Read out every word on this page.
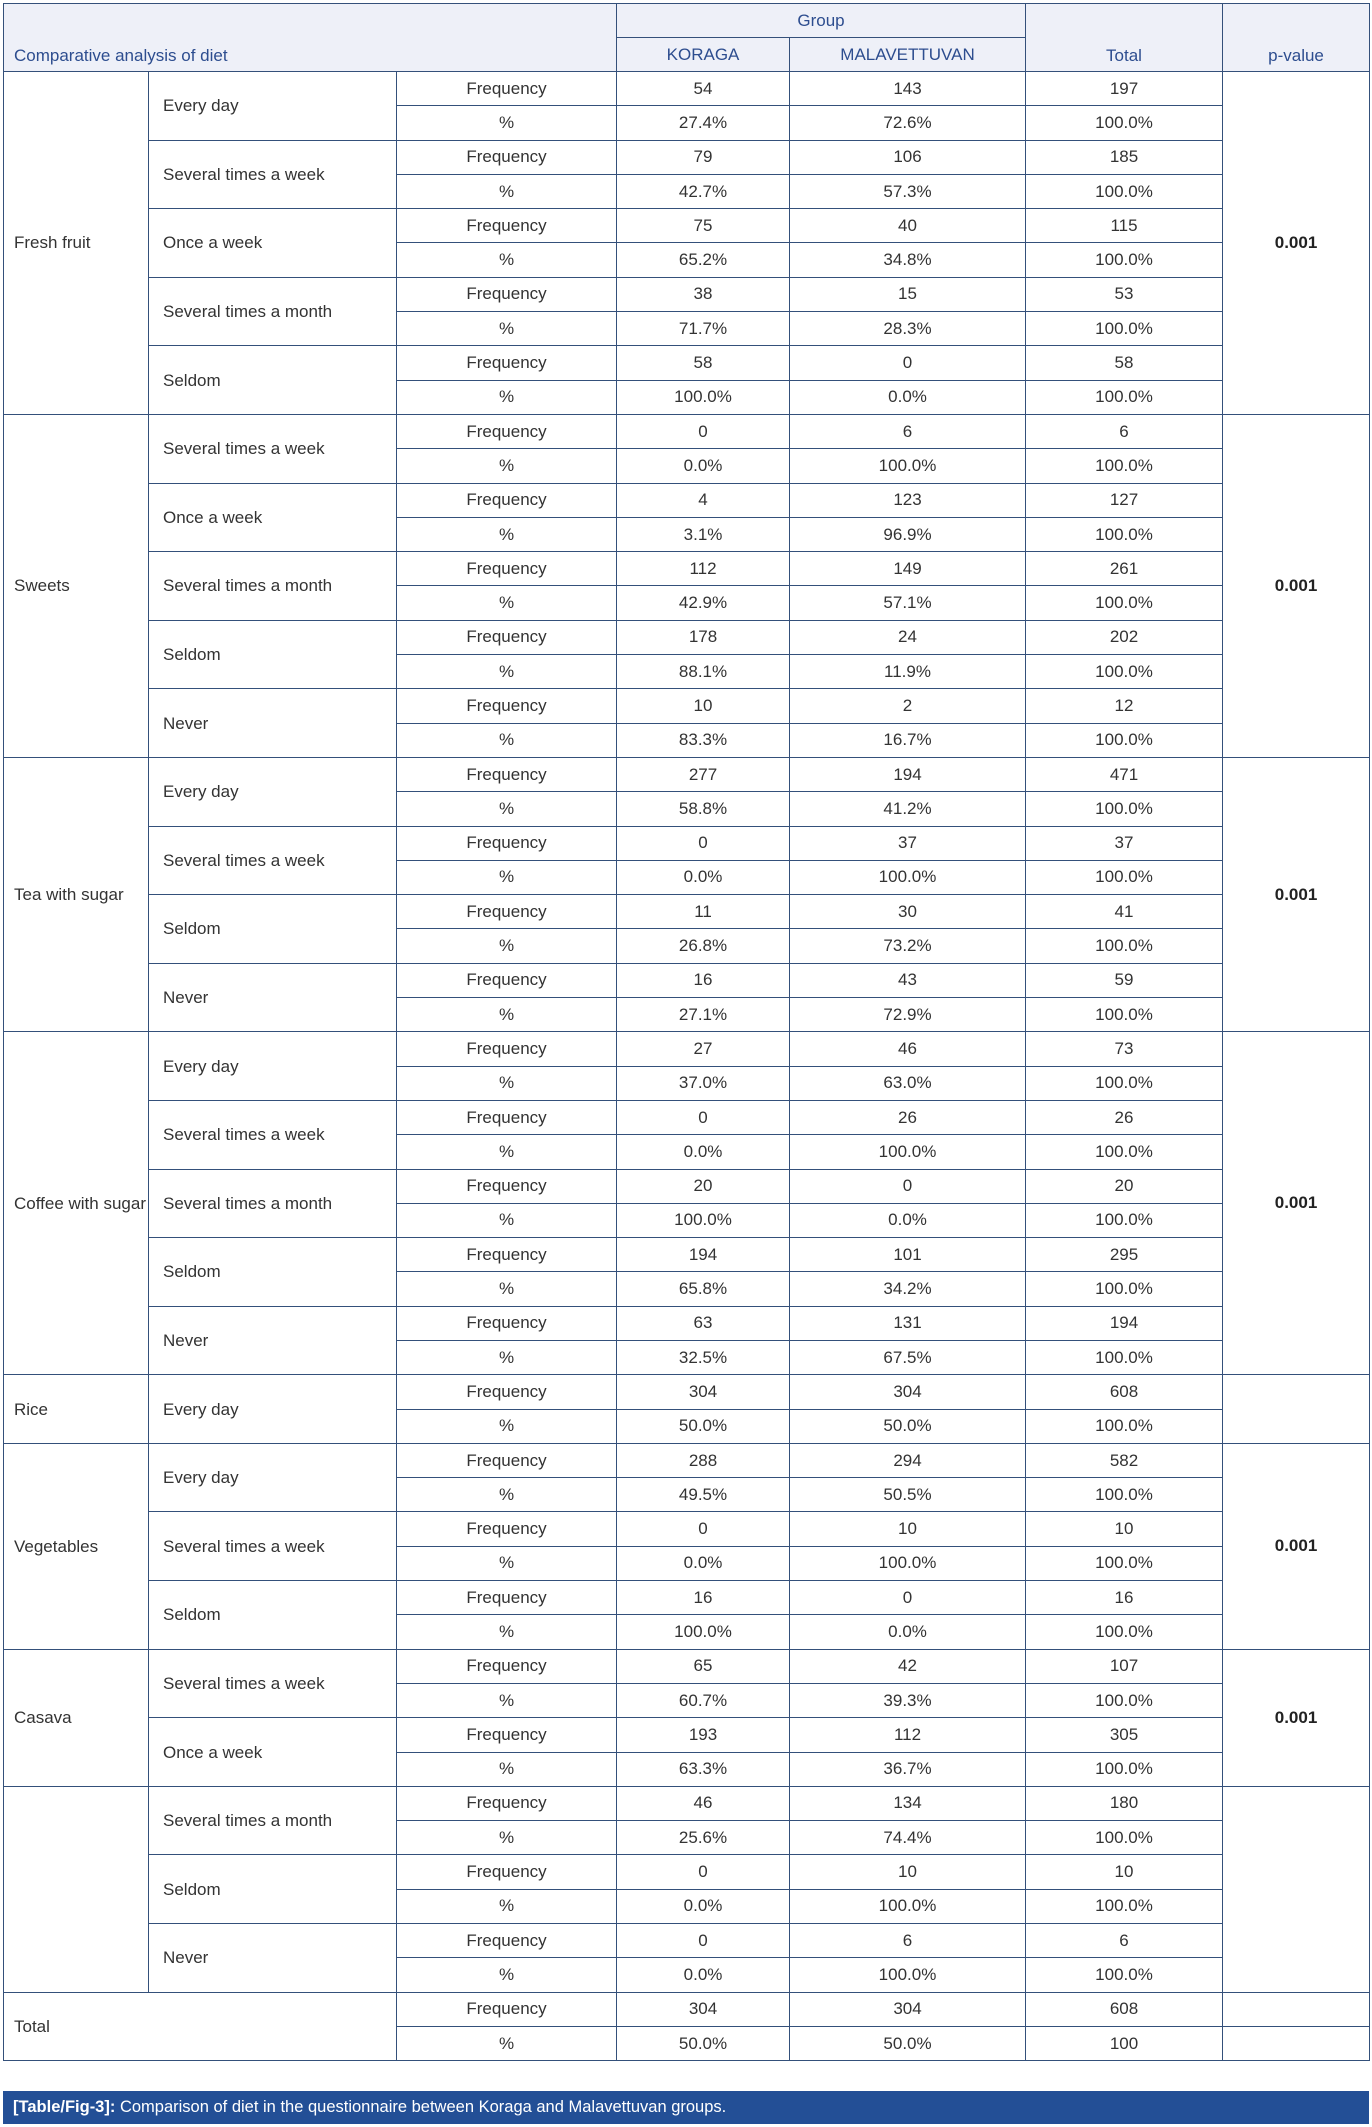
Comparative analysis of diet			Group		Total	p-value
			KORAGA	MALAVETTUVAN		
Fresh fruit	Every day	Frequency	54	143	197	0.001
		%	27.4%	72.6%	100.0%	
	Several times a week	Frequency	79	106	185	
		%	42.7%	57.3%	100.0%	
	Once a week	Frequency	75	40	115	
		%	65.2%	34.8%	100.0%	
	Several times a month	Frequency	38	15	53	
		%	71.7%	28.3%	100.0%	
	Seldom	Frequency	58	0	58	
		%	100.0%	0.0%	100.0%	
Sweets	Several times a week	Frequency	0	6	6	0.001
		%	0.0%	100.0%	100.0%	
	Once a week	Frequency	4	123	127	
		%	3.1%	96.9%	100.0%	
	Several times a month	Frequency	112	149	261	
		%	42.9%	57.1%	100.0%	
	Seldom	Frequency	178	24	202	
		%	88.1%	11.9%	100.0%	
	Never	Frequency	10	2	12	
		%	83.3%	16.7%	100.0%	
Tea with sugar	Every day	Frequency	277	194	471	0.001
		%	58.8%	41.2%	100.0%	
	Several times a week	Frequency	0	37	37	
		%	0.0%	100.0%	100.0%	
	Seldom	Frequency	11	30	41	
		%	26.8%	73.2%	100.0%	
	Never	Frequency	16	43	59	
		%	27.1%	72.9%	100.0%	
Coffee with sugar	Every day	Frequency	27	46	73	0.001
		%	37.0%	63.0%	100.0%	
	Several times a week	Frequency	0	26	26	
		%	0.0%	100.0%	100.0%	
	Several times a month	Frequency	20	0	20	
		%	100.0%	0.0%	100.0%	
	Seldom	Frequency	194	101	295	
		%	65.8%	34.2%	100.0%	
	Never	Frequency	63	131	194	
		%	32.5%	67.5%	100.0%	
Rice	Every day	Frequency	304	304	608	
		%	50.0%	50.0%	100.0%	
Vegetables	Every day	Frequency	288	294	582	0.001
		%	49.5%	50.5%	100.0%	
	Several times a week	Frequency	0	10	10	
		%	0.0%	100.0%	100.0%	
	Seldom	Frequency	16	0	16	
		%	100.0%	0.0%	100.0%	
Casava	Several times a week	Frequency	65	42	107	0.001
		%	60.7%	39.3%	100.0%	
	Once a week	Frequency	193	112	305	
		%	63.3%	36.7%	100.0%	
	Several times a month	Frequency	46	134	180	
		%	25.6%	74.4%	100.0%	
	Seldom	Frequency	0	10	10	
		%	0.0%	100.0%	100.0%	
	Never	Frequency	0	6	6	
		%	0.0%	100.0%	100.0%	
Total		Frequency	304	304	608	
		%	50.0%	50.0%	100	
[Table/Fig-3]: Comparison of diet in the questionnaire between Koraga and Malavettuvan groups.
